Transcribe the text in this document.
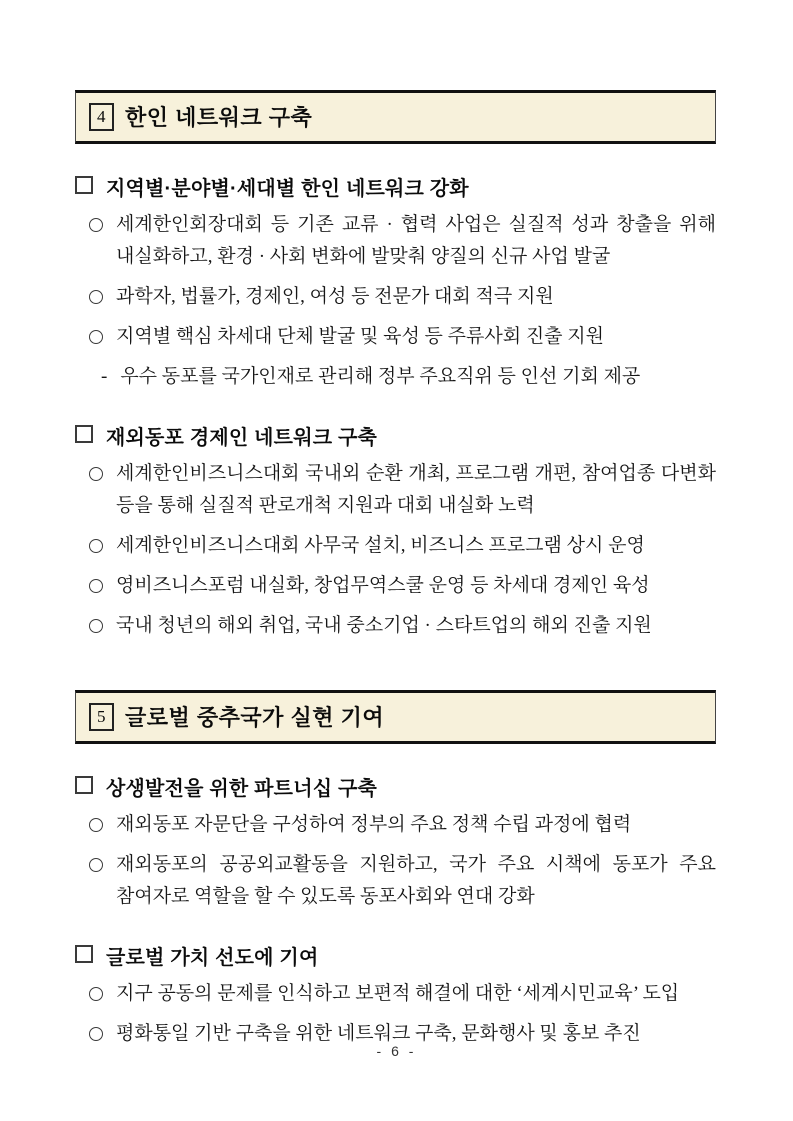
4 한인 네트워크 구축
지역별·분야별·세대별 한인 네트워크 강화
세계한인회장대회 등 기존 교류 · 협력 사업은 실질적 성과 창출을 위해 내실화하고, 환경 · 사회 변화에 발맞춰 양질의 신규 사업 발굴
과학자, 법률가, 경제인, 여성 등 전문가 대회 적극 지원
지역별 핵심 차세대 단체 발굴 및 육성 등 주류사회 진출 지원
- 우수 동포를 국가인재로 관리해 정부 주요직위 등 인선 기회 제공
재외동포 경제인 네트워크 구축
세계한인비즈니스대회 국내외 순환 개최, 프로그램 개편, 참여업종 다변화 등을 통해 실질적 판로개척 지원과 대회 내실화 노력
세계한인비즈니스대회 사무국 설치, 비즈니스 프로그램 상시 운영
영비즈니스포럼 내실화, 창업무역스쿨 운영 등 차세대 경제인 육성
국내 청년의 해외 취업, 국내 중소기업 · 스타트업의 해외 진출 지원
5 글로벌 중추국가 실현 기여
상생발전을 위한 파트너십 구축
재외동포 자문단을 구성하여 정부의 주요 정책 수립 과정에 협력
재외동포의 공공외교활동을 지원하고, 국가 주요 시책에 동포가 주요 참여자로 역할을 할 수 있도록 동포사회와 연대 강화
글로벌 가치 선도에 기여
지구 공동의 문제를 인식하고 보편적 해결에 대한 ‘세계시민교육’ 도입
평화통일 기반 구축을 위한 네트워크 구축, 문화행사 및 홍보 추진
- 6 -
